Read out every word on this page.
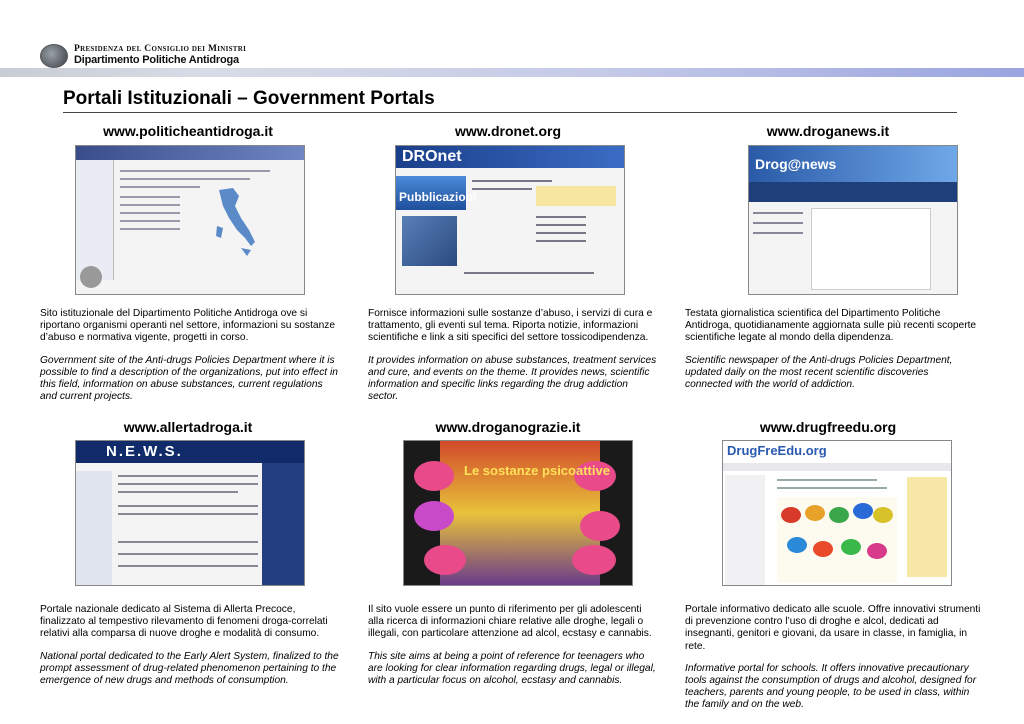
Presidenza del Consiglio dei Ministri
Dipartimento Politiche Antidroga
Portali Istituzionali – Government Portals
www.politicheantidroga.it	www.dronet.org	www.droganews.it
DROnet
Pubblicazioni
Drog@news

Sito istituzionale del Dipartimento Politiche Antidroga ove si riportano organismi operanti nel settore, informazioni su sostanze d’abuso e normativa vigente, progetti in corso.

Government site of the Anti-drugs Policies Department where it is possible to find a description of the organizations, put into effect in this field, information on abuse substances, current regulations and current projects.

Fornisce informazioni sulle sostanze d’abuso, i servizi di cura e trattamento, gli eventi sul tema. Riporta notizie, informazioni scientifiche e link a siti specifici del settore tossicodipendenza.

It provides information on abuse substances, treatment services and cure, and events on the theme. It provides news, scientific information and specific links regarding the drug addiction sector.

Testata giornalistica scientifica del Dipartimento Politiche Antidroga, quotidianamente aggiornata sulle più recenti scoperte scientifiche legate al mondo della dipendenza.

Scientific newspaper of the Anti-drugs Policies Department, updated daily on the most recent scientific discoveries connected with the world of addiction.

www.allertadroga.it	www.droganograzie.it	www.drugfreedu.org
N.E.W.S.
Le sostanze psicoattive
DrugFreEdu.org

Portale nazionale dedicato al Sistema di Allerta Precoce, finalizzato al tempestivo rilevamento di fenomeni droga-correlati relativi alla comparsa di nuove droghe e modalità di consumo.

National portal dedicated to the Early Alert System, finalized to the prompt assessment of drug-related phenomenon pertaining to the emergence of new drugs and methods of consumption.

Il sito vuole essere un punto di riferimento per gli adolescenti alla ricerca di informazioni chiare relative alle droghe, legali o illegali, con particolare attenzione ad alcol, ecstasy e cannabis.

This site aims at being a point of reference for teenagers who are looking for clear information regarding drugs, legal or illegal, with a particular focus on alcohol, ecstasy and cannabis.

Portale informativo dedicato alle scuole. Offre innovativi strumenti di prevenzione contro l’uso di droghe e alcol, dedicati ad insegnanti, genitori e giovani, da usare in classe, in famiglia, in rete.

Informative portal for schools. It offers innovative precautionary tools against the consumption of drugs and alcohol, designed for teachers, parents and young people, to be used in class, within the family and on the web.
